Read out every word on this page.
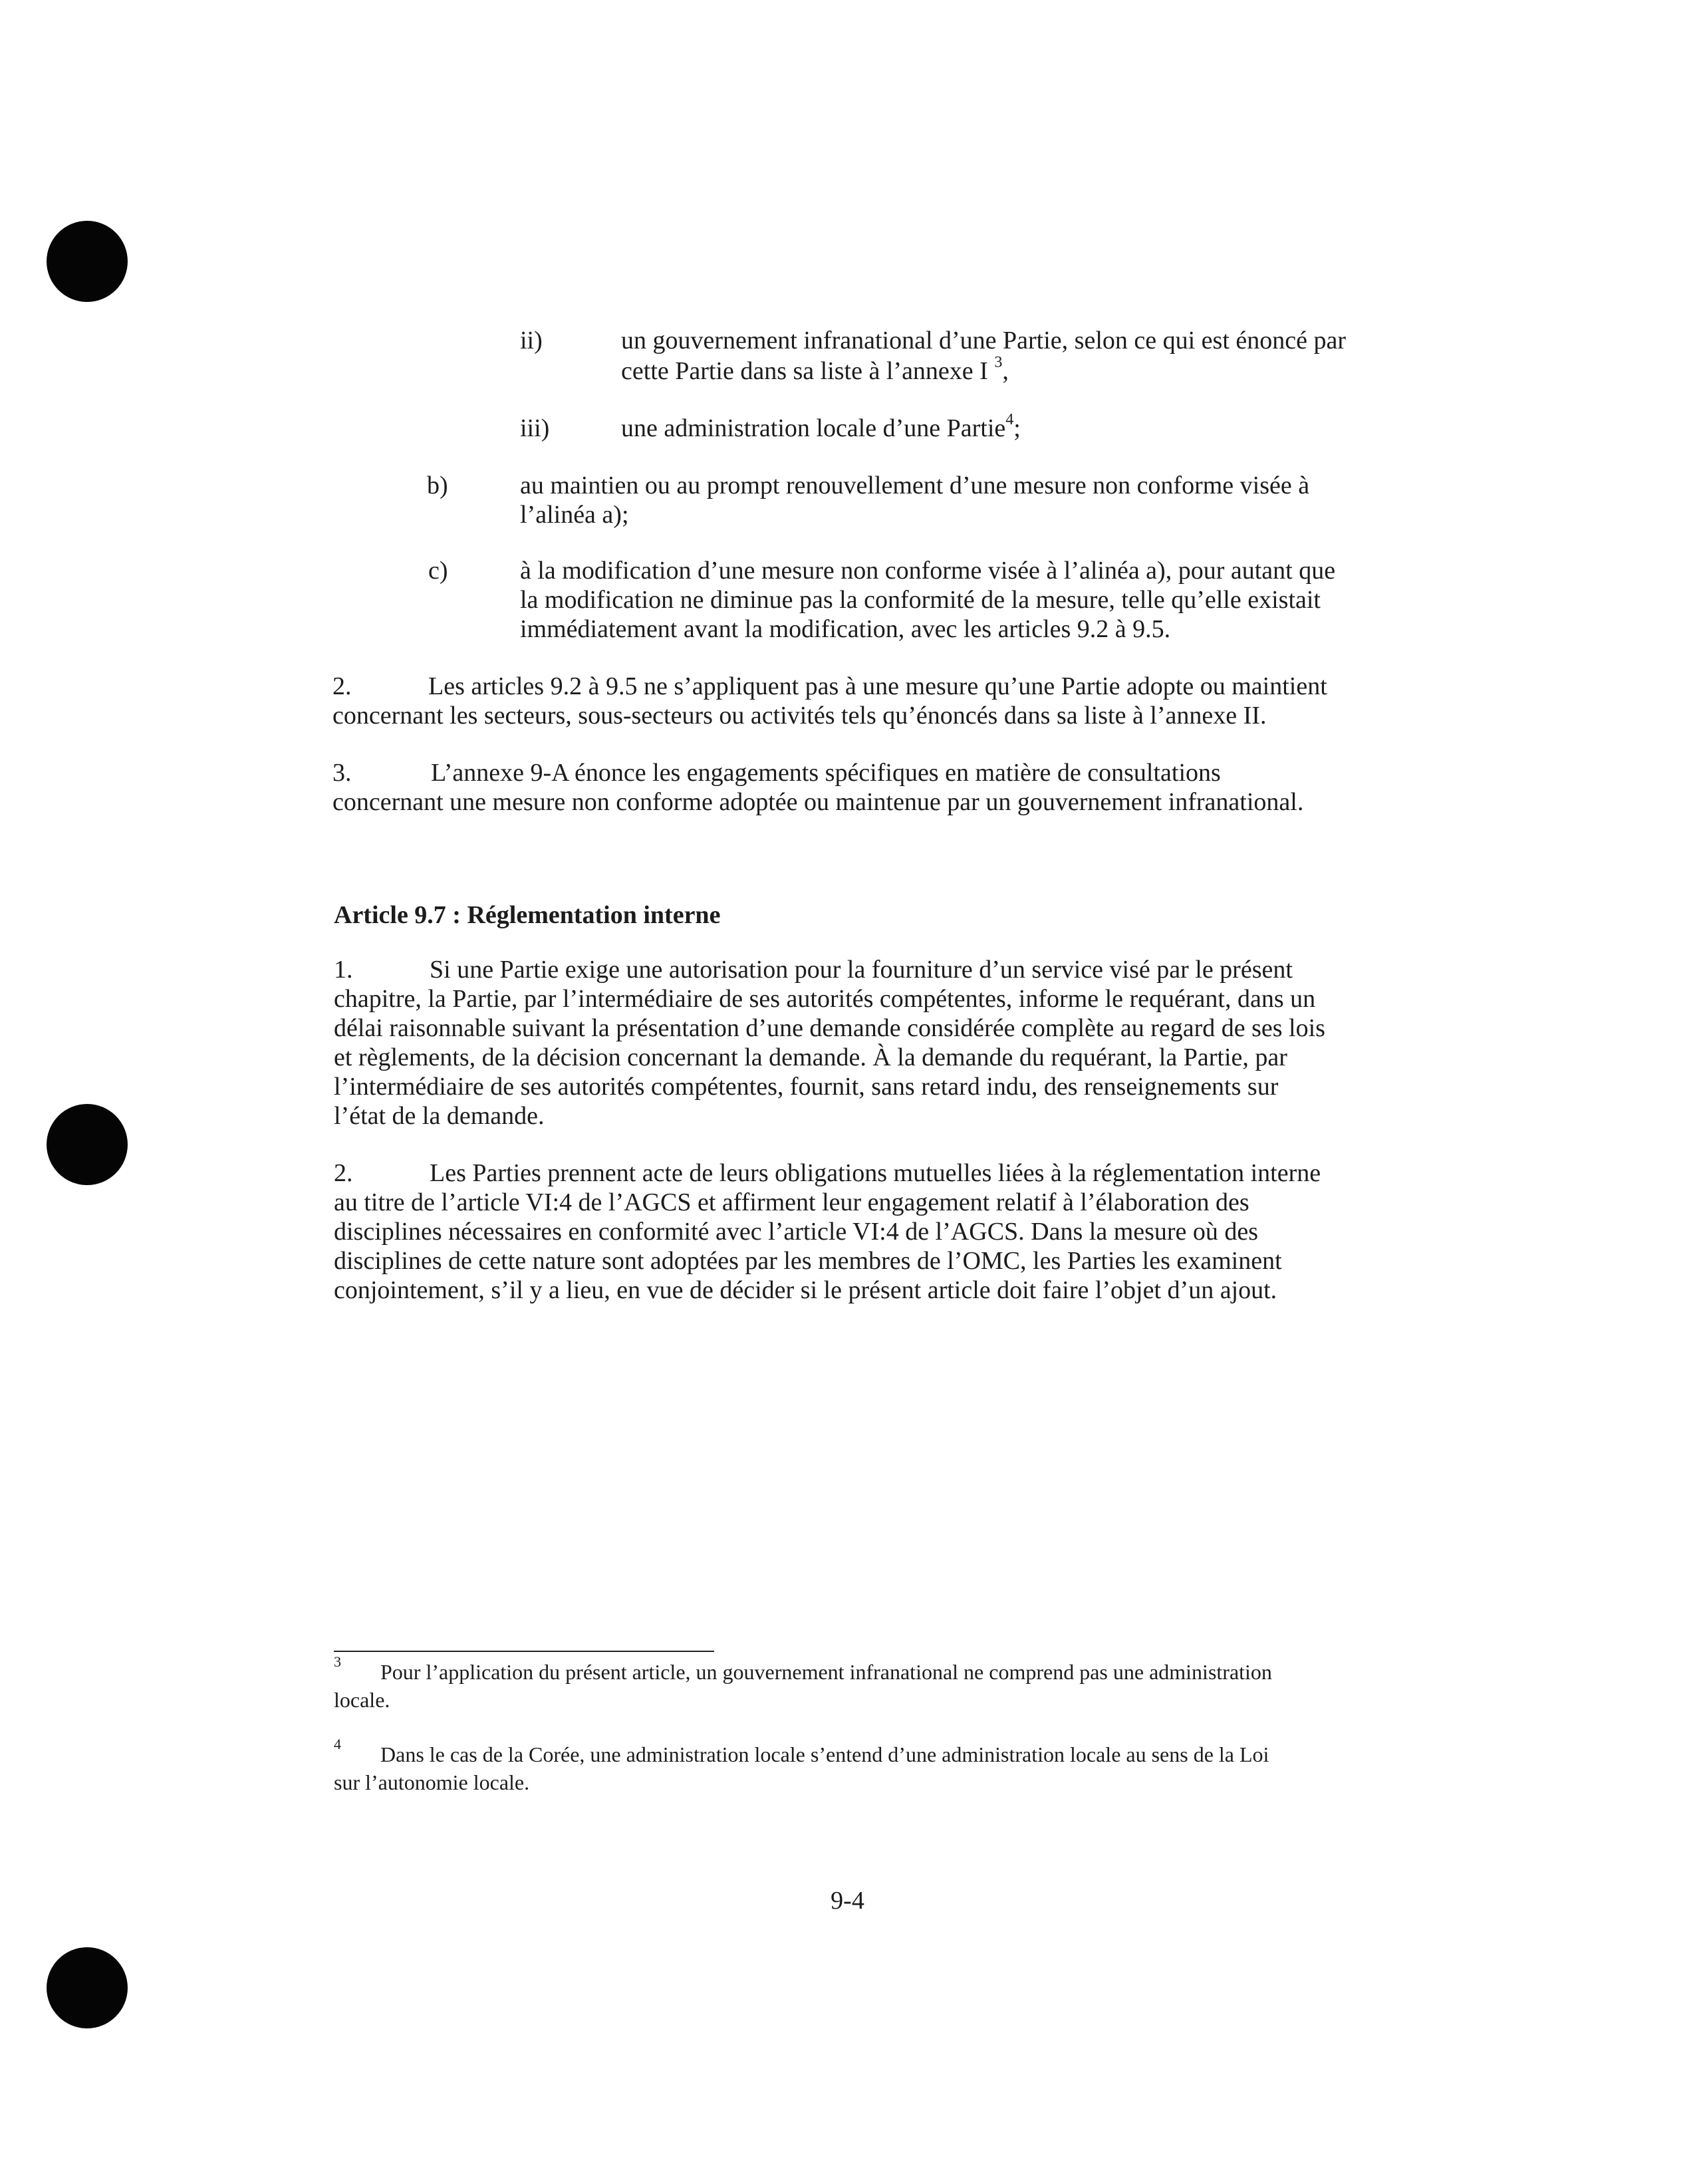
ii)	un gouvernement infranational d’une Partie, selon ce qui est énoncé par
cette Partie dans sa liste à l’annexe I $^3$,
iii)	une administration locale d’une Partie$^4$;
b)	au maintien ou au prompt renouvellement d’une mesure non conforme visée à
l’alinéa a);
c)	à la modification d’une mesure non conforme visée à l’alinéa a), pour autant que
la modification ne diminue pas la conformité de la mesure, telle qu’elle existait
immédiatement avant la modification, avec les articles 9.2 à 9.5.
2.	Les articles 9.2 à 9.5 ne s’appliquent pas à une mesure qu’une Partie adopte ou maintient
concernant les secteurs, sous-secteurs ou activités tels qu’énoncés dans sa liste à l’annexe II.
3.	L’annexe 9-A énonce les engagements spécifiques en matière de consultations
concernant une mesure non conforme adoptée ou maintenue par un gouvernement infranational.
Article 9.7 : Réglementation interne
1.	Si une Partie exige une autorisation pour la fourniture d’un service visé par le présent
chapitre, la Partie, par l’intermédiaire de ses autorités compétentes, informe le requérant, dans un
délai raisonnable suivant la présentation d’une demande considérée complète au regard de ses lois
et règlements, de la décision concernant la demande. À la demande du requérant, la Partie, par
l’intermédiaire de ses autorités compétentes, fournit, sans retard indu, des renseignements sur
l’état de la demande.
2.	Les Parties prennent acte de leurs obligations mutuelles liées à la réglementation interne
au titre de l’article VI:4 de l’AGCS et affirment leur engagement relatif à l’élaboration des
disciplines nécessaires en conformité avec l’article VI:4 de l’AGCS. Dans la mesure où des
disciplines de cette nature sont adoptées par les membres de l’OMC, les Parties les examinent
conjointement, s’il y a lieu, en vue de décider si le présent article doit faire l’objet d’un ajout.
3 Pour l’application du présent article, un gouvernement infranational ne comprend pas une administration
locale.
4 Dans le cas de la Corée, une administration locale s’entend d’une administration locale au sens de la Loi
sur l’autonomie locale.
9-4
